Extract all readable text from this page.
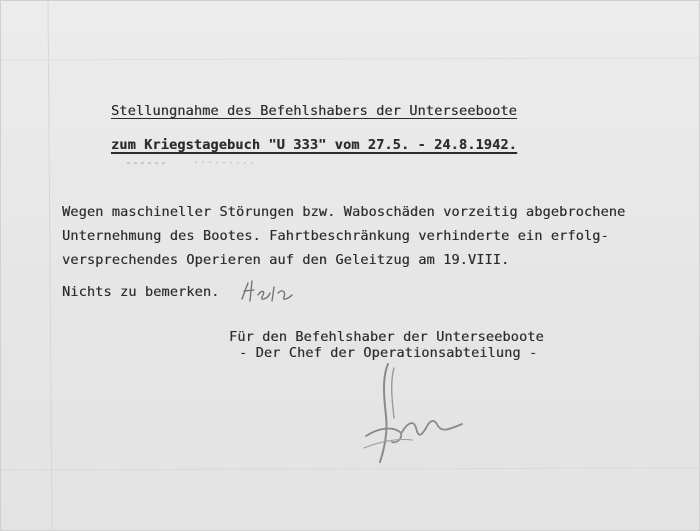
Stellungnahme des Befehlshabers der Unterseeboote
zum Kriegstagebuch "U 333" vom 27.5. - 24.8.1942.
Wegen maschineller Störungen bzw. Waboschäden vorzeitig abgebrochene
Unternehmung des Bootes. Fahrtbeschränkung verhinderte ein erfolg-
versprechendes Operieren auf den Geleitzug am 19.VIII.
Nichts zu bemerken.
Für den Befehlshaber der Unterseeboote
- Der Chef der Operationsabteilung -
